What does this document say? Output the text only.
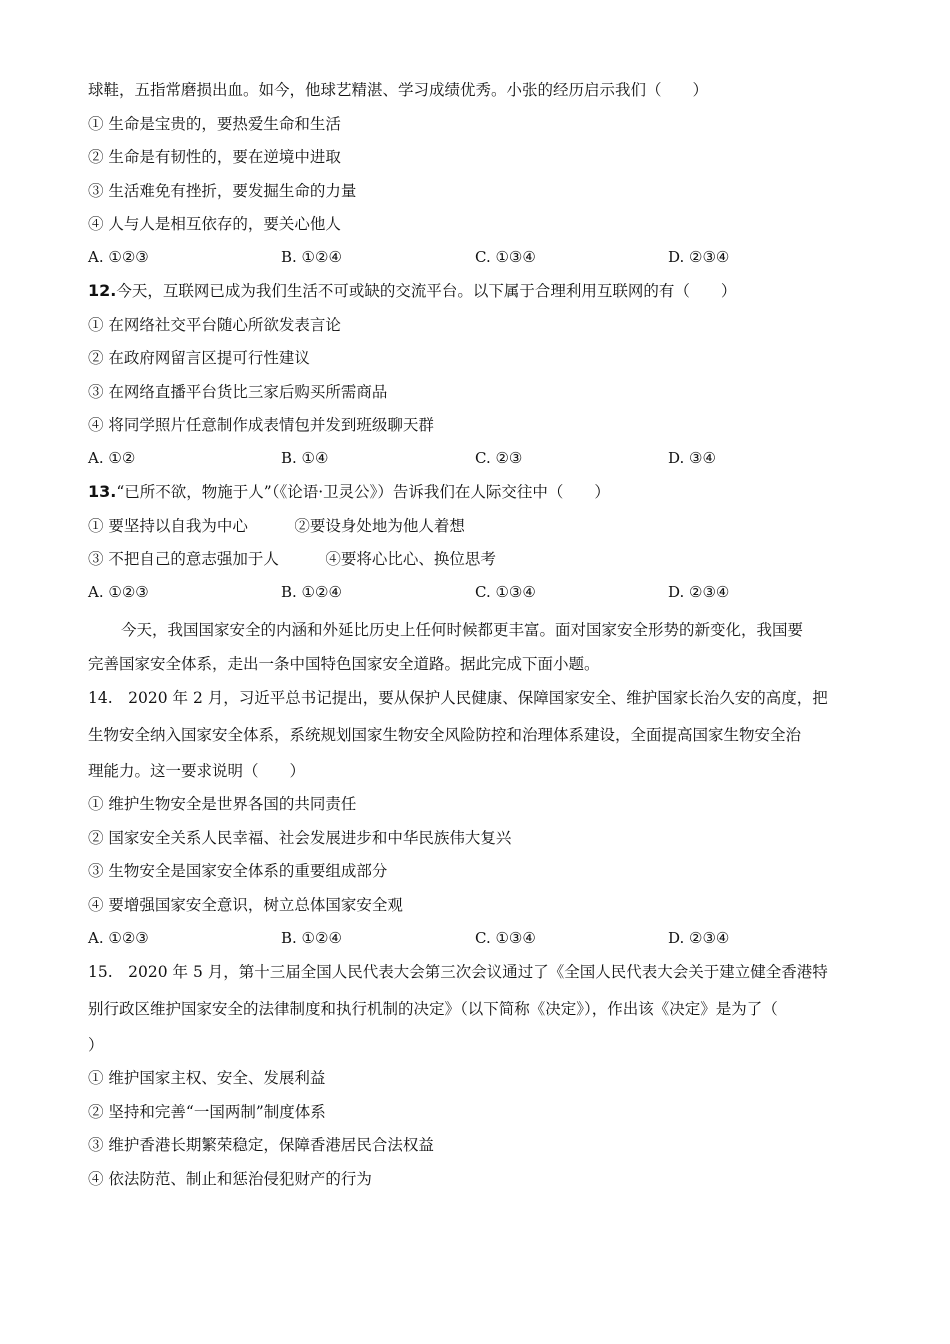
球鞋，五指常磨损出血。如今，他球艺精湛、学习成绩优秀。小张的经历启示我们（　　）
① 生命是宝贵的，要热爱生命和生活
② 生命是有韧性的，要在逆境中进取
③ 生活难免有挫折，要发掘生命的力量
④ 人与人是相互依存的，要关心他人
A. ①②③	B. ①②④	C. ①③④	D. ②③④
12.今天，互联网已成为我们生活不可或缺的交流平台。以下属于合理利用互联网的有（　　）
① 在网络社交平台随心所欲发表言论
② 在政府网留言区提可行性建议
③ 在网络直播平台货比三家后购买所需商品
④ 将同学照片任意制作成表情包并发到班级聊天群
A. ①②	B. ①④	C. ②③	D. ③④
13.“已所不欲，物施于人”（《论语·卫灵公》）告诉我们在人际交往中（　　）
① 要坚持以自我为中心　　　②要设身处地为他人着想
③ 不把自己的意志强加于人　　　④要将心比心、换位思考
A. ①②③	B. ①②④	C. ①③④	D. ②③④
今天，我国国家安全的内涵和外延比历史上任何时候都更丰富。面对国家安全形势的新变化，我国要
完善国家安全体系，走出一条中国特色国家安全道路。据此完成下面小题。
14.　2020 年 2 月，习近平总书记提出，要从保护人民健康、保障国家安全、维护国家长治久安的高度，把
生物安全纳入国家安全体系，系统规划国家生物安全风险防控和治理体系建设，全面提高国家生物安全治
理能力。这一要求说明（　　）
① 维护生物安全是世界各国的共同责任
② 国家安全关系人民幸福、社会发展进步和中华民族伟大复兴
③ 生物安全是国家安全体系的重要组成部分
④ 要增强国家安全意识，树立总体国家安全观
A. ①②③	B. ①②④	C. ①③④	D. ②③④
15.　2020 年 5 月，第十三届全国人民代表大会第三次会议通过了《全国人民代表大会关于建立健全香港特
别行政区维护国家安全的法律制度和执行机制的决定》（以下简称《决定》），作出该《决定》是为了（
）
① 维护国家主权、安全、发展利益
② 坚持和完善“一国两制”制度体系
③ 维护香港长期繁荣稳定，保障香港居民合法权益
④ 依法防范、制止和惩治侵犯财产的行为
